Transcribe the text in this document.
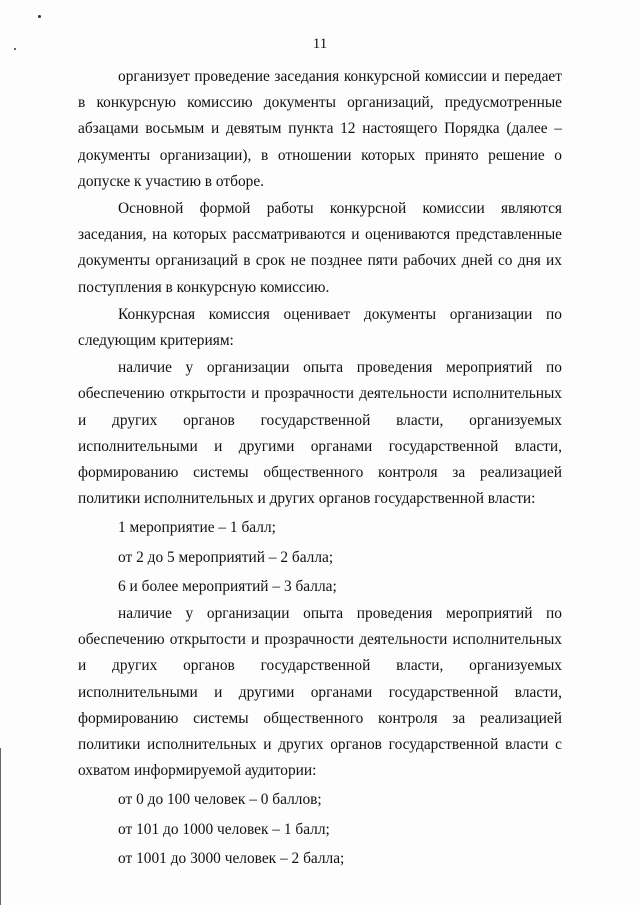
11

организует проведение заседания конкурсной комиссии и передает в конкурсную комиссию документы организаций, предусмотренные абзацами восьмым и девятым пункта 12 настоящего Порядка (далее – документы организации), в отношении которых принято решение о допуске к участию в отборе.

Основной формой работы конкурсной комиссии являются заседания, на которых рассматриваются и оцениваются представленные документы организаций в срок не позднее пяти рабочих дней со дня их поступления в конкурсную комиссию.

Конкурсная комиссия оценивает документы организации по следующим критериям:

наличие у организации опыта проведения мероприятий по обеспечению открытости и прозрачности деятельности исполнительных и других органов государственной власти, организуемых исполнительными и другими органами государственной власти, формированию системы общественного контроля за реализацией политики исполнительных и других органов государственной власти:

1 мероприятие – 1 балл;

от 2 до 5 мероприятий – 2 балла;

6 и более мероприятий – 3 балла;

наличие у организации опыта проведения мероприятий по обеспечению открытости и прозрачности деятельности исполнительных и других органов государственной власти, организуемых исполнительными и другими органами государственной власти, формированию системы общественного контроля за реализацией политики исполнительных и других органов государственной власти с охватом информируемой аудитории:

от 0 до 100 человек – 0 баллов;

от 101 до 1000 человек – 1 балл;

от 1001 до 3000 человек – 2 балла;
